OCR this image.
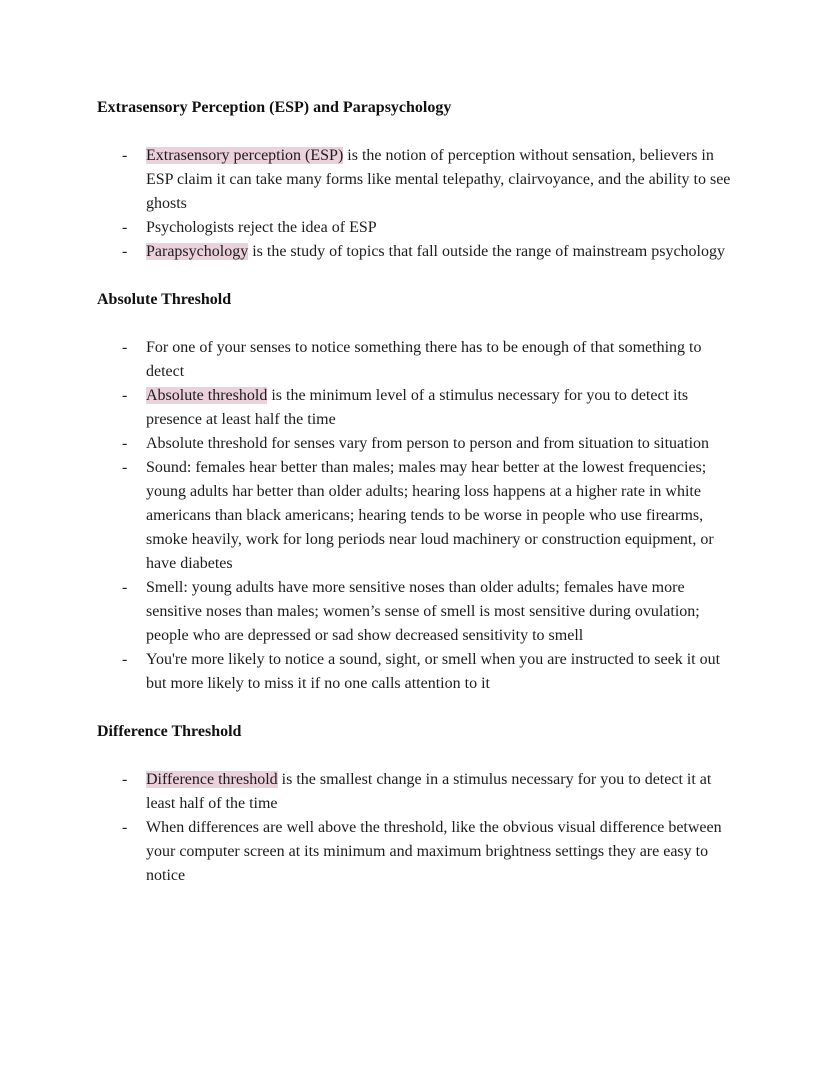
Extrasensory Perception (ESP) and Parapsychology
- Extrasensory perception (ESP) is the notion of perception without sensation, believers in ESP claim it can take many forms like mental telepathy, clairvoyance, and the ability to see ghosts
- Psychologists reject the idea of ESP
- Parapsychology is the study of topics that fall outside the range of mainstream psychology
Absolute Threshold
- For one of your senses to notice something there has to be enough of that something to detect
- Absolute threshold is the minimum level of a stimulus necessary for you to detect its presence at least half the time
- Absolute threshold for senses vary from person to person and from situation to situation
- Sound: females hear better than males; males may hear better at the lowest frequencies; young adults har better than older adults; hearing loss happens at a higher rate in white americans than black americans; hearing tends to be worse in people who use firearms, smoke heavily, work for long periods near loud machinery or construction equipment, or have diabetes
- Smell: young adults have more sensitive noses than older adults; females have more sensitive noses than males; women’s sense of smell is most sensitive during ovulation; people who are depressed or sad show decreased sensitivity to smell
- You're more likely to notice a sound, sight, or smell when you are instructed to seek it out but more likely to miss it if no one calls attention to it
Difference Threshold
- Difference threshold is the smallest change in a stimulus necessary for you to detect it at least half of the time
- When differences are well above the threshold, like the obvious visual difference between your computer screen at its minimum and maximum brightness settings they are easy to notice
